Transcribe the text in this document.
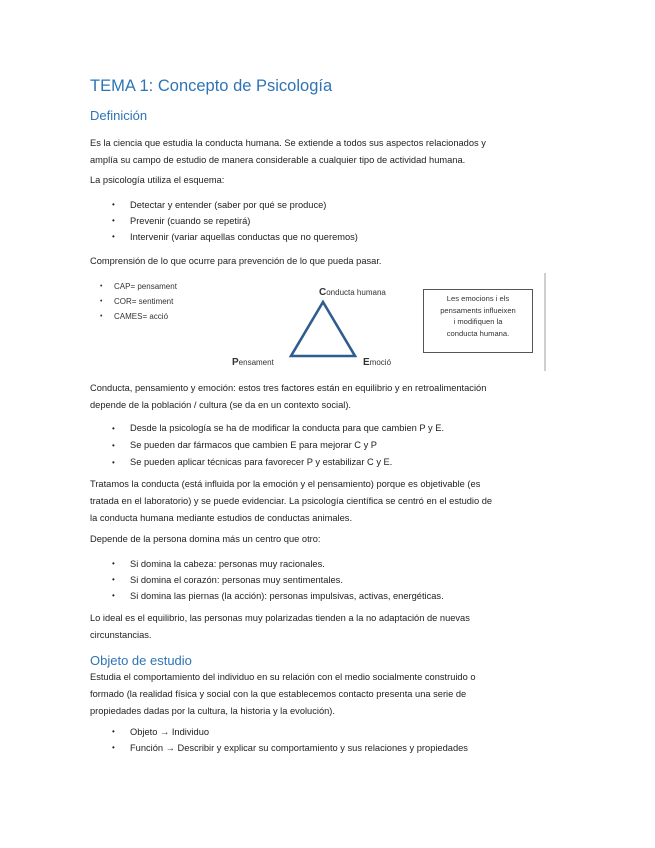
TEMA 1: Concepto de Psicología
Definición
Es la ciencia que estudia la conducta humana. Se extiende a todos sus aspectos relacionados y
amplía su campo de estudio de manera considerable a cualquier tipo de actividad humana.
La psicología utiliza el esquema:
• Detectar y entender (saber por qué se produce)
• Prevenir (cuando se repetirá)
• Intervenir (variar aquellas conductas que no queremos)
Comprensión de lo que ocurre para prevención de lo que pueda pasar.
• CAP= pensament
• COR= sentiment
• CAMES= acció
Conducta humana
Pensament	Emoció
Les emocions i els
pensaments influeixen
i modifiquen la
conducta humana.
Conducta, pensamiento y emoción: estos tres factores están en equilibrio y en retroalimentación
depende de la población / cultura (se da en un contexto social).
• Desde la psicología se ha de modificar la conducta para que cambien P y E.
• Se pueden dar fármacos que cambien E para mejorar C y P
• Se pueden aplicar técnicas para favorecer P y estabilizar C y E.
Tratamos la conducta (está influida por la emoción y el pensamiento) porque es objetivable (es
tratada en el laboratorio) y se puede evidenciar. La psicología científica se centró en el estudio de
la conducta humana mediante estudios de conductas animales.
Depende de la persona domina más un centro que otro:
• Si domina la cabeza: personas muy racionales.
• Si domina el corazón: personas muy sentimentales.
• Si domina las piernas (la acción): personas impulsivas, activas, energéticas.
Lo ideal es el equilibrio, las personas muy polarizadas tienden a la no adaptación de nuevas
circunstancias.
Objeto de estudio
Estudia el comportamiento del individuo en su relación con el medio socialmente construido o
formado (la realidad física y social con la que establecemos contacto presenta una serie de
propiedades dadas por la cultura, la historia y la evolución).
• Objeto → Individuo
• Función → Describir y explicar su comportamiento y sus relaciones y propiedades
